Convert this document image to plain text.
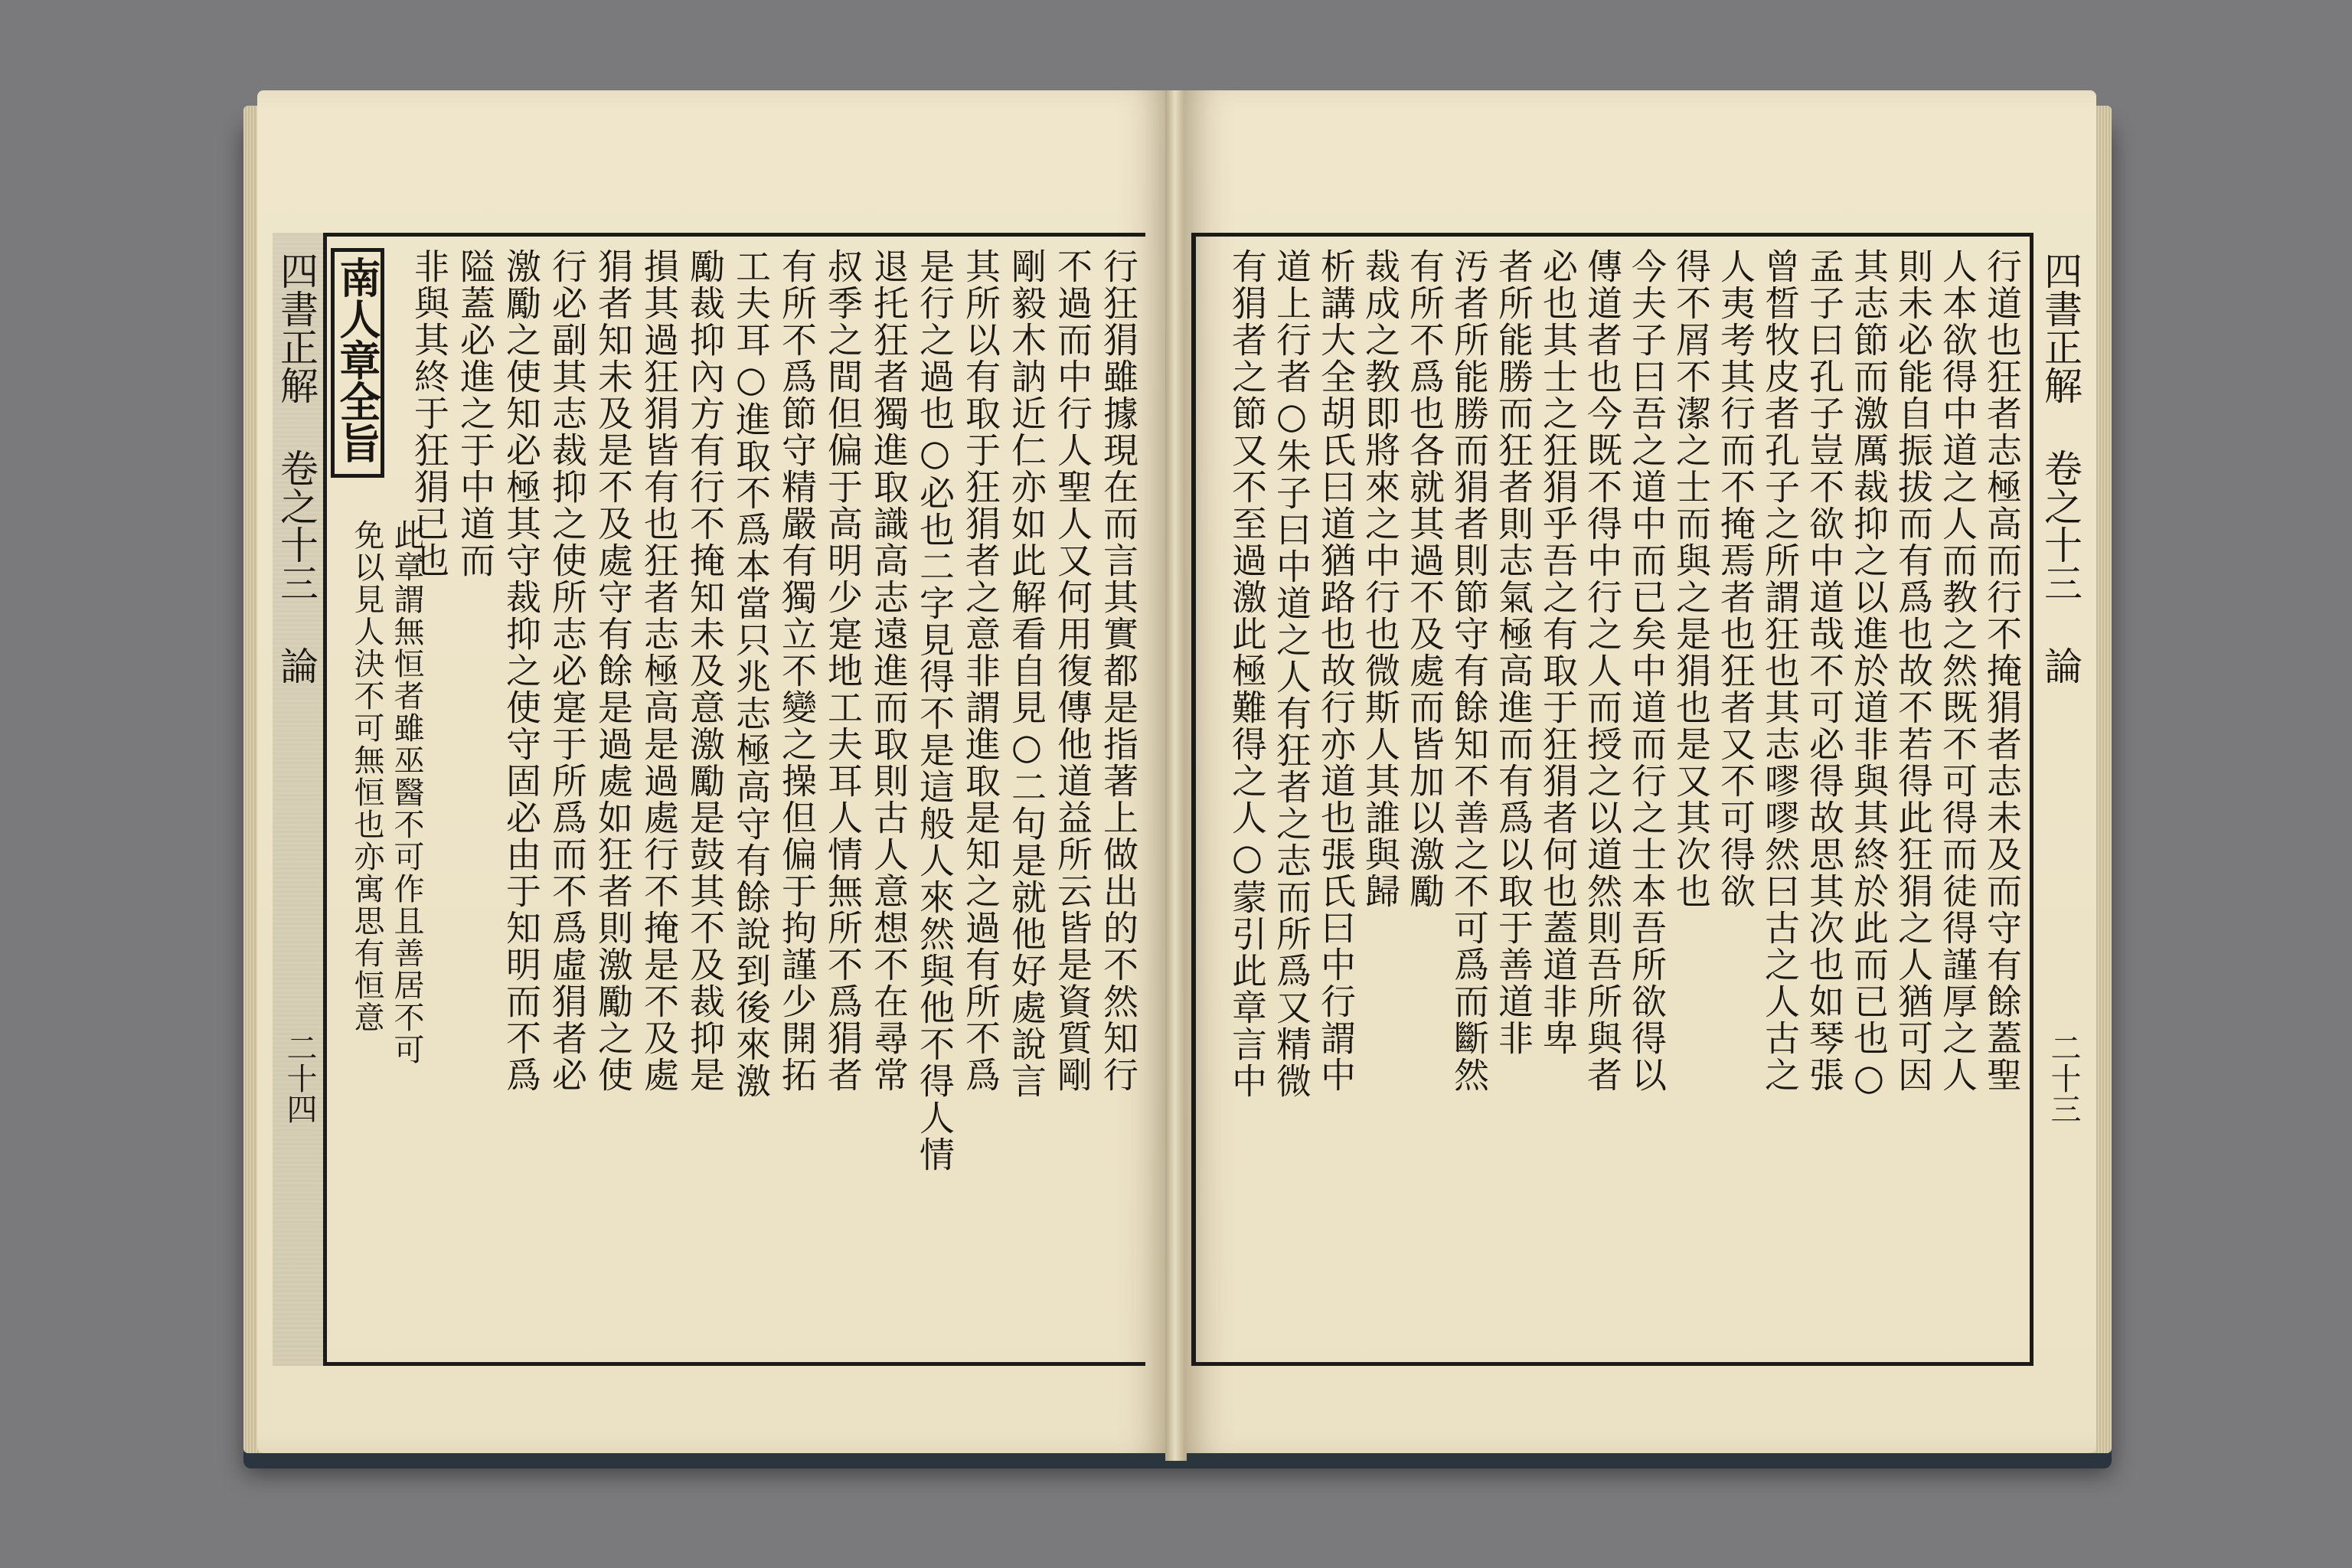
四書正解 卷之十三 論
二十四
南人章全旨	行狂狷雖據現在而言其實都是指著上做出的不然知行
不過而中行人聖人又何用復傳他道益所云皆是資質剛
剛毅木訥近仁亦如此解看自見○二句是就他好處說言
其所以有取于狂狷者之意非謂進取是知之過有所不爲
是行之過也○必也二字見得不是這般人來然與他不得人情
退托狂者獨進取識高志遠進而取則古人意想不在尋常
叔季之間但偏于高明少寔地工夫耳人情無所不爲狷者
有所不爲節守精嚴有獨立不變之操但偏于拘謹少開拓
工夫耳○進取不爲本當只兆志極高守有餘說到後來激
勵裁抑內方有行不掩知未及意激勵是鼓其不及裁抑是
損其過狂狷皆有也狂者志極高是過處行不掩是不及處
狷者知未及是不及處守有餘是過處如狂者則激勵之使
行必副其志裁抑之使所志必寔于所爲而不爲虛狷者必
激勵之使知必極其守裁抑之使守固必由于知明而不爲
隘蓋必進之于中道而
非與其終于狂狷已也
此章謂無恒者雖巫醫不可作且善居不可
免以見人決不可無恒也亦寓思有恒意
四書正解 卷之十三 論
二十三
行道也狂者志極高而行不掩狷者志未及而守有餘蓋聖
人本欲得中道之人而教之然既不可得而徒得謹厚之人
則未必能自振拔而有爲也故不若得此狂狷之人猶可因
其志節而激厲裁抑之以進於道非與其終於此而已也○
孟子曰孔子豈不欲中道哉不可必得故思其次也如琴張
曾晳牧皮者孔子之所謂狂也其志嘐嘐然曰古之人古之
人夷考其行而不掩焉者也狂者又不可得欲
得不屑不潔之士而與之是狷也是又其次也
今夫子曰吾之道中而已矣中道而行之士本吾所欲得以
傳道者也今既不得中行之人而授之以道然則吾所與者
必也其士之狂狷乎吾之有取于狂狷者何也蓋道非卑
者所能勝而狂者則志氣極高進而有爲以取于善道非
汚者所能勝而狷者則節守有餘知不善之不可爲而斷然
有所不爲也各就其過不及處而皆加以激勵
裁成之教即將來之中行也微斯人其誰與歸
析講大全胡氏曰道猶路也故行亦道也張氏曰中行謂中
道上行者○朱子曰中道之人有狂者之志而所爲又精微
有狷者之節又不至過激此極難得之人○蒙引此章言中
